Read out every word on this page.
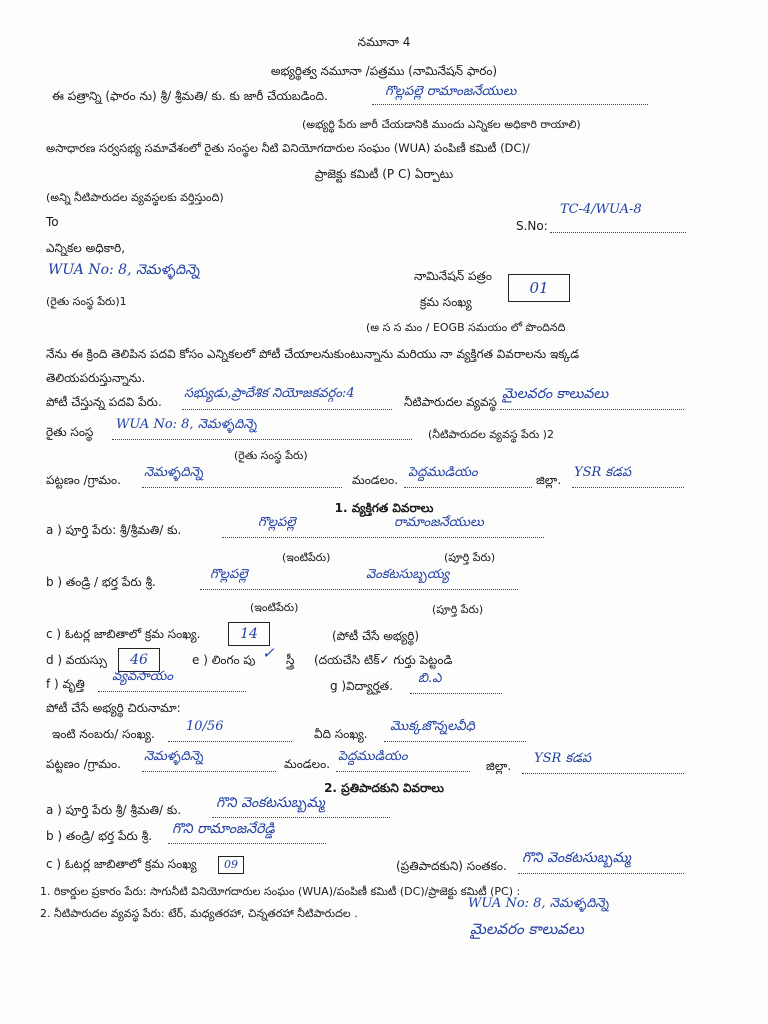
నమూనా 4
అభ్యర్థిత్వ నమూనా /పత్రము (నామినేషన్ ఫారం)
ఈ పత్రాన్ని (ఫారం ను) శ్రీ/ శ్రీమతి/ కు. కు జారీ చేయబడింది.	గొల్లపల్లె రామాంజనేయులు
(అభ్యర్థి పేరు జారీ చేయడానికి ముందు ఎన్నికల అధికారి రాయాలి)
అసాధారణ సర్వసభ్య సమావేశంలో రైతు సంస్థల నీటి వినియోగదారుల సంఘం (WUA) పంపిణీ కమిటీ (DC)/
ప్రాజెక్టు కమిటీ (P C) ఏర్పాటు
(అన్ని నీటిపారుదల వ్యవస్థలకు వర్తిస్తుంది)
To	S.No:
TC-4/WUA-8
ఎన్నికల అధికారి,
WUA No: 8, నెమళ్ళదిన్నె
(రైతు సంస్థ పేరు)1
నామినేషన్ పత్రం
క్రమ సంఖ్య
01
(అ స స మం / EOGB సమయం లో పొందినది
నేను ఈ క్రింది తెలిపిన పదవి కోసం ఎన్నికలలో పోటీ చేయాలనుకుంటున్నాను మరియు నా వ్యక్తిగత వివరాలను ఇక్కడ
తెలియపరుస్తున్నాను.
పోటీ చేస్తున్న పదవి పేరు.
సభ్యుడు,ప్రాదేశిక నియోజకవర్గం:4
నీటిపారుదల వ్యవస్థ మైలవరం కాలువలు
రైతు సంస్థ WUA No: 8, నెమళ్ళదిన్నె
(నీటిపారుదల వ్యవస్థ పేరు )2
(రైతు సంస్థ పేరు)
పట్టణం /గ్రామం. నెమళ్ళదిన్నె	మండలం. పెద్దముడియం	జిల్లా. YSR కడప
1. వ్యక్తిగత వివరాలు
a ) పూర్తి పేరు: శ్రీ/శ్రీమతి/ కు.	గొల్లపల్లె	రామాంజనేయులు
(ఇంటిపేరు)	(పూర్తి పేరు)
b ) తండ్రి / భర్త పేరు శ్రీ.	గొల్లపల్లె	వెంకటసుబ్బయ్య
(ఇంటిపేరు)	(పూర్తి పేరు)
c ) ఓటర్ల జాబితాలో క్రమ సంఖ్య.	14	(పోటీ చేసే అభ్యర్థి)
d ) వయస్సు	46	e ) లింగం పు ✓ స్త్రీ (దయచేసి టిక్✓ గుర్తు పెట్టండి
f ) వృత్తి వ్యవసాయం
g )విద్యార్హత. బి.ఎ
పోటీ చేసే అభ్యర్థి చిరునామా:
ఇంటి నంబరు/ సంఖ్య. 10/56	వీది సంఖ్య. మొక్కజొన్నలవీధి
పట్టణం /గ్రామం. నెమళ్ళదిన్నె	మండలం. పెద్దముడియం
జిల్లా. YSR కడప
2. ప్రతిపాదకుని వివరాలు
a ) పూర్తి పేరు శ్రీ/ శ్రీమతి/ కు. గొని వెంకటసుబ్బమ్మ
b ) తండ్రి/ భర్త పేరు శ్రీ. గొని రామాంజనేరెడ్డి
c ) ఓటర్ల జాబితాలో క్రమ సంఖ్య	09	(ప్రతిపాదకుని) సంతకం. గొని వెంకటసుబ్బమ్మ
1. రికార్డుల ప్రకారం పేరు: సాగునీటి వినియోగదారుల సంఘం (WUA)/పంపిణీ కమిటీ (DC)/ప్రాజెక్టు కమిటీ (PC) :
2. నీటిపారుదల వ్యవస్థ పేరు: టేర్, మధ్యతరహా, చిన్నతరహా నీటిపారుదల .
WUA No: 8, నెమళ్ళదిన్నె
మైలవరం కాలువలు
